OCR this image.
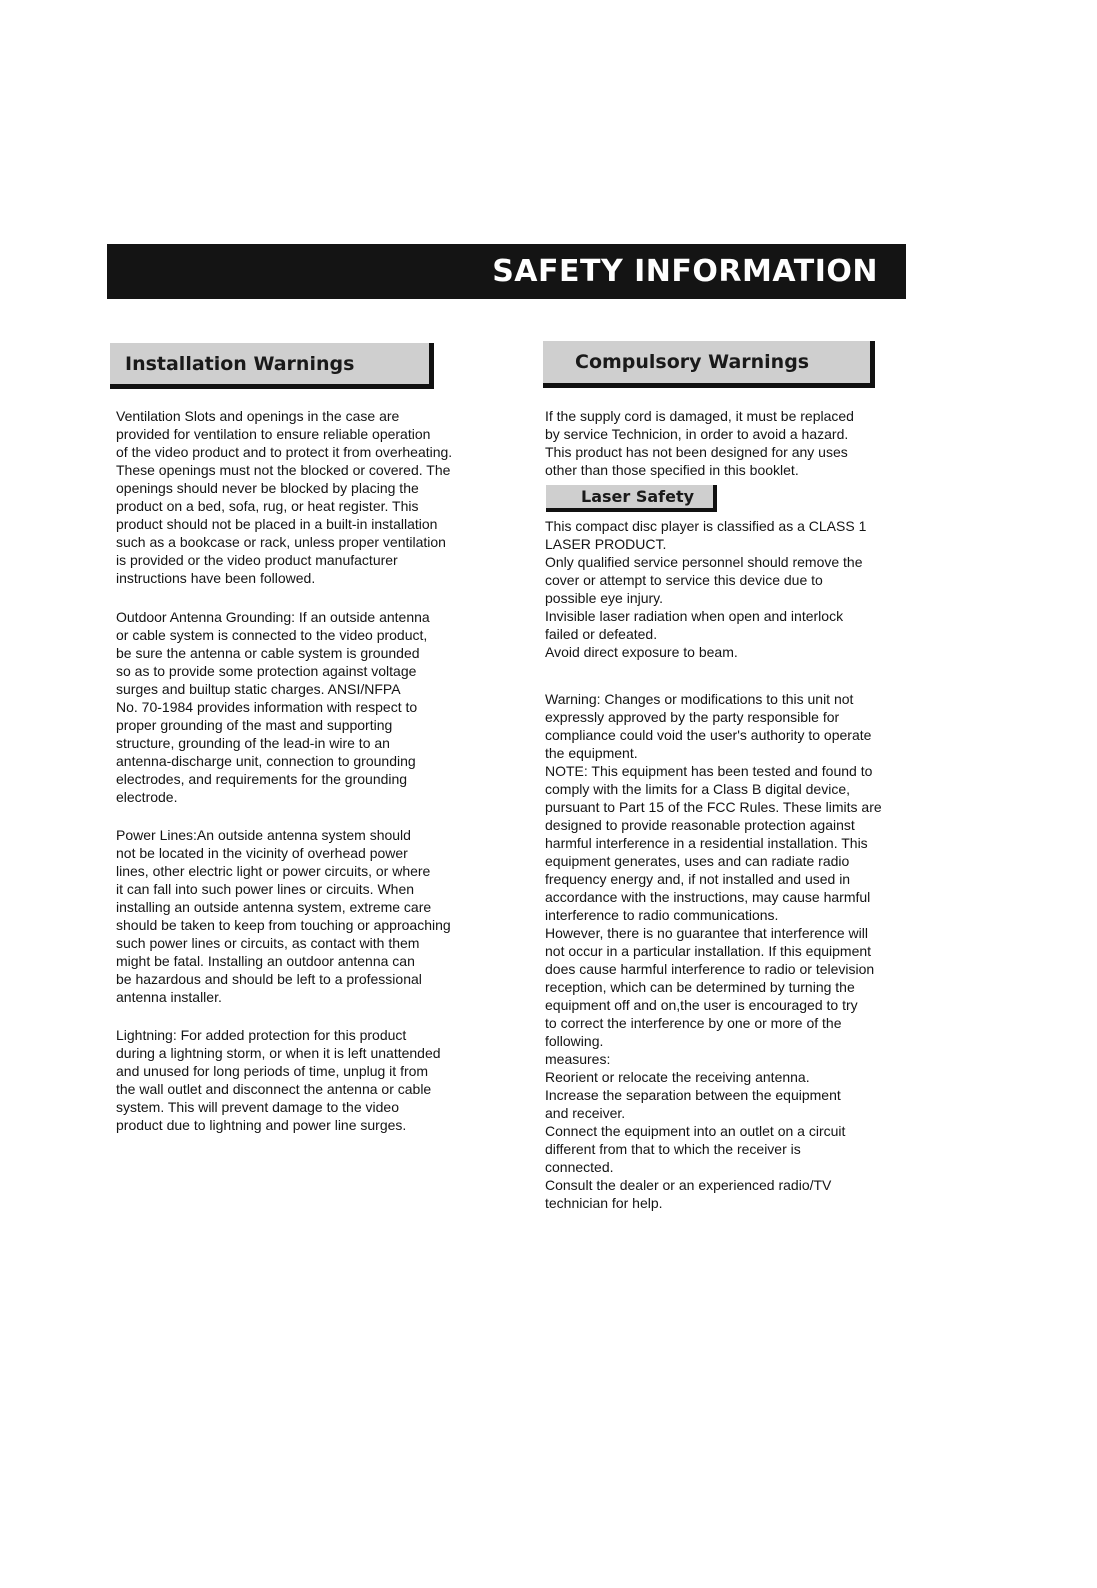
SAFETY INFORMATION
Installation Warnings	Compulsory Warnings

Ventilation Slots and openings in the case are
provided for ventilation to ensure reliable operation
of the video product and to protect it from overheating.
These openings must not the blocked or covered. The
openings should never be blocked by placing the
product on a bed, sofa, rug, or heat register. This
product should not be placed in a built-in installation
such as a bookcase or rack, unless proper ventilation
is provided or the video product manufacturer
instructions have been followed.

Outdoor Antenna Grounding: If an outside antenna
or cable system is connected to the video product,
be sure the antenna or cable system is grounded
so as to provide some protection against voltage
surges and builtup static charges. ANSI/NFPA
No. 70-1984 provides information with respect to
proper grounding of the mast and supporting
structure, grounding of the lead-in wire to an
antenna-discharge unit, connection to grounding
electrodes, and requirements for the grounding
electrode.

Power Lines:An outside antenna system should
not be located in the vicinity of overhead power
lines, other electric light or power circuits, or where
it can fall into such power lines or circuits. When
installing an outside antenna system, extreme care
should be taken to keep from touching or approaching
such power lines or circuits, as contact with them
might be fatal. Installing an outdoor antenna can
be hazardous and should be left to a professional
antenna installer.

Lightning: For added protection for this product
during a lightning storm, or when it is left unattended
and unused for long periods of time, unplug it from
the wall outlet and disconnect the antenna or cable
system. This will prevent damage to the video
product due to lightning and power line surges.

If the supply cord is damaged, it must be replaced
by service Technicion, in order to avoid a hazard.
This product has not been designed for any uses
other than those specified in this booklet.

Laser Safety

This compact disc player is classified as a CLASS 1
LASER PRODUCT.
Only qualified service personnel should remove the
cover or attempt to service this device due to
possible eye injury.
Invisible laser radiation when open and interlock
failed or defeated.
Avoid direct exposure to beam.

Warning: Changes or modifications to this unit not
expressly approved by the party responsible for
compliance could void the user's authority to operate
the equipment.
NOTE: This equipment has been tested and found to
comply with the limits for a Class B digital device,
pursuant to Part 15 of the FCC Rules. These limits are
designed to provide reasonable protection against
harmful interference in a residential installation. This
equipment generates, uses and can radiate radio
frequency energy and, if not installed and used in
accordance with the instructions, may cause harmful
interference to radio communications.
However, there is no guarantee that interference will
not occur in a particular installation. If this equipment
does cause harmful interference to radio or television
reception, which can be determined by turning the
equipment off and on,the user is encouraged to try
to correct the interference by one or more of the
following.
measures:
Reorient or relocate the receiving antenna.
Increase the separation between the equipment
and receiver.
Connect the equipment into an outlet on a circuit
different from that to which the receiver is
connected.
Consult the dealer or an experienced radio/TV
technician for help.
